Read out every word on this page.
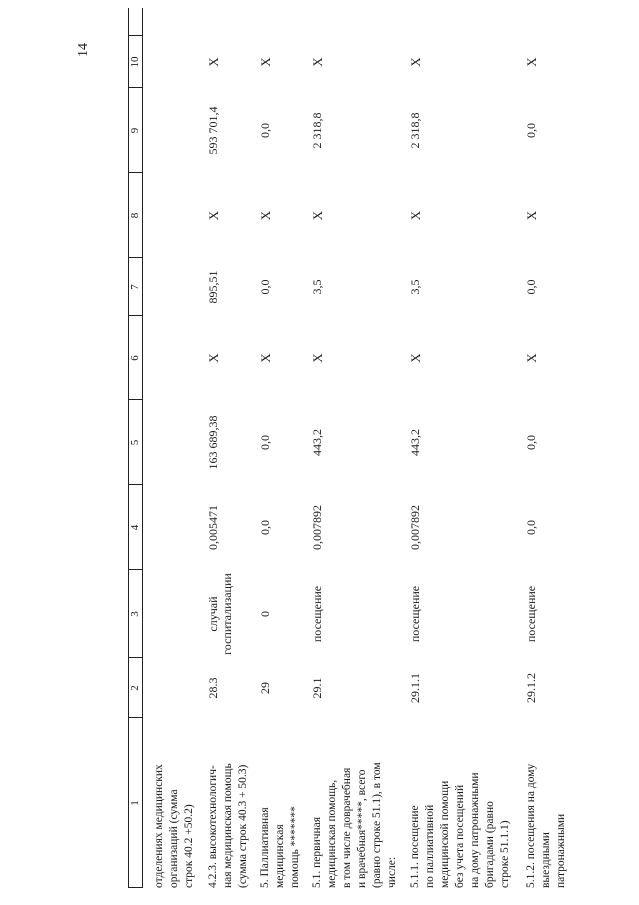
14
1
2
3
4
5
6
7
8
9
10
отделениях медицинских организаций (сумма строк 40.2 +50.2) 4.2.3. высокотехнологич- ная медицинская помощь (сумма строк 40.3 + 50.3)
28.3
случай госпитализации
0,005471
163 689,38
Х
895,51
Х
593 701,4
Х
5. Паллиативная медицинская помощь *******
29
0
0,0
0,0
Х
0,0
Х
0,0
Х
5.1. первичная медицинская помощь, в том числе доврачебная и врачебная*****, всего (равно строке 51.1), в том числе:
29.1
посещение
0,007892
443,2
Х
3,5
Х
2 318,8
Х
5.1.1. посещение по паллиативной медицинской помощи без учета посещений на дому патронажными бригадами (равно строке 51.1.1)
29.1.1
посещение
0,007892
443,2
Х
3,5
Х
2 318,8
Х
5.1.2. посещения на дому выездными патронажными
29.1.2
посещение
0,0
0,0
Х
0,0
Х
0,0
Х
